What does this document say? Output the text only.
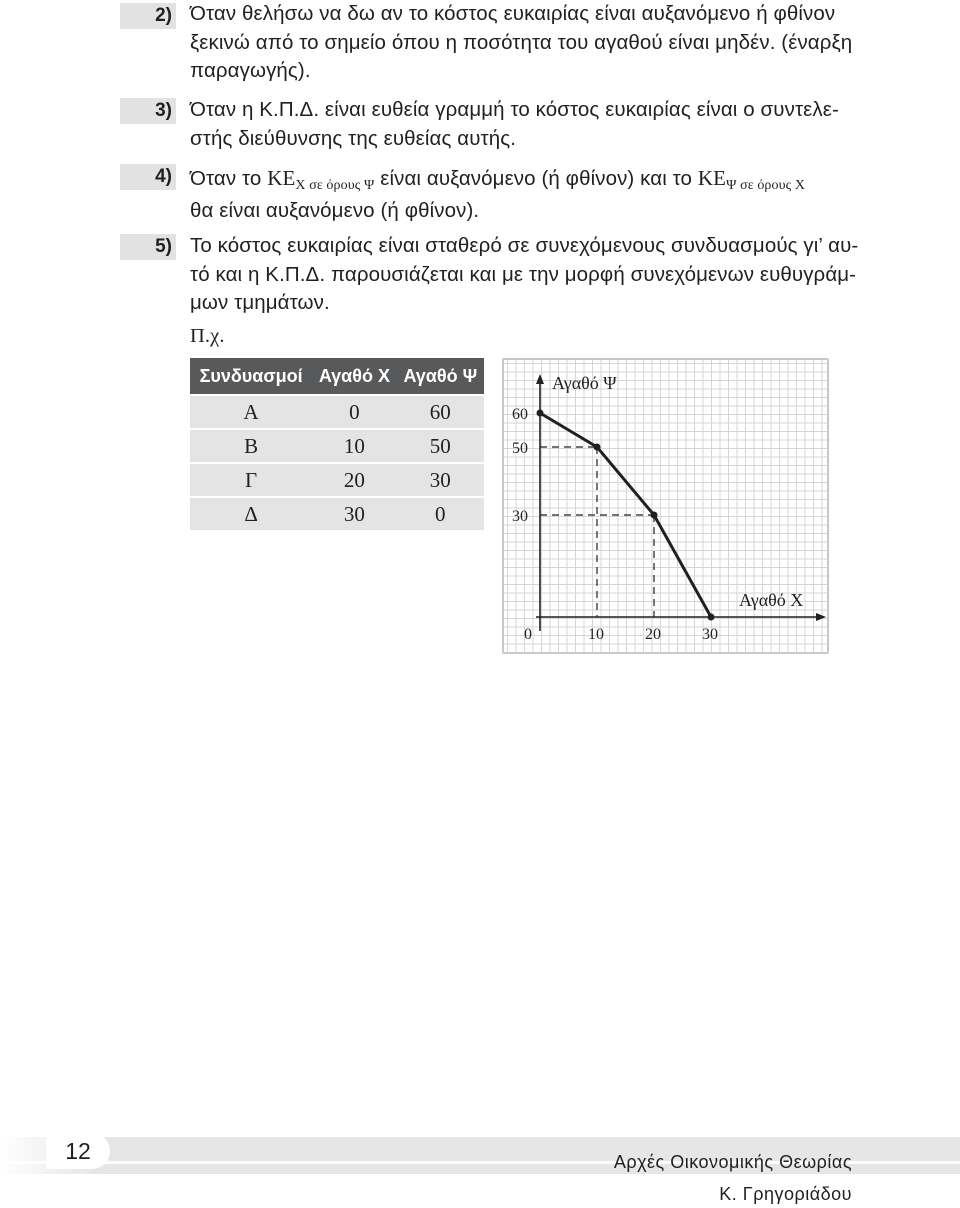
2) Όταν θελήσω να δω αν το κόστος ευκαιρίας είναι αυξανόμενο ή φθίνον
ξεκινώ από το σημείο όπου η ποσότητα του αγαθού είναι μηδέν. (έναρξη
παραγωγής).
3) Όταν η Κ.Π.Δ. είναι ευθεία γραμμή το κόστος ευκαιρίας είναι ο συντελε-
στής διεύθυνσης της ευθείας αυτής.
4) Όταν το ΚΕΧ σε όρους Ψ είναι αυξανόμενο (ή φθίνον) και το ΚΕΨ σε όρους Χ
θα είναι αυξανόμενο (ή φθίνον).
5) Το κόστος ευκαιρίας είναι σταθερό σε συνεχόμενους συνδυασμούς γι’ αυ-
τό και η Κ.Π.Δ. παρουσιάζεται και με την μορφή συνεχόμενων ευθυγράμ-
μων τμημάτων.
Π.χ.
Συνδυασμοί	Αγαθό Χ	Αγαθό Ψ
Α	0	60
Β	10	50
Γ	20	30
Δ	30	0
60
50
30
0	10	20	30
Αγαθό Ψ
Αγαθό Χ
12	Αρχές Οικονομικής Θεωρίας
Κ. Γρηγοριάδου
